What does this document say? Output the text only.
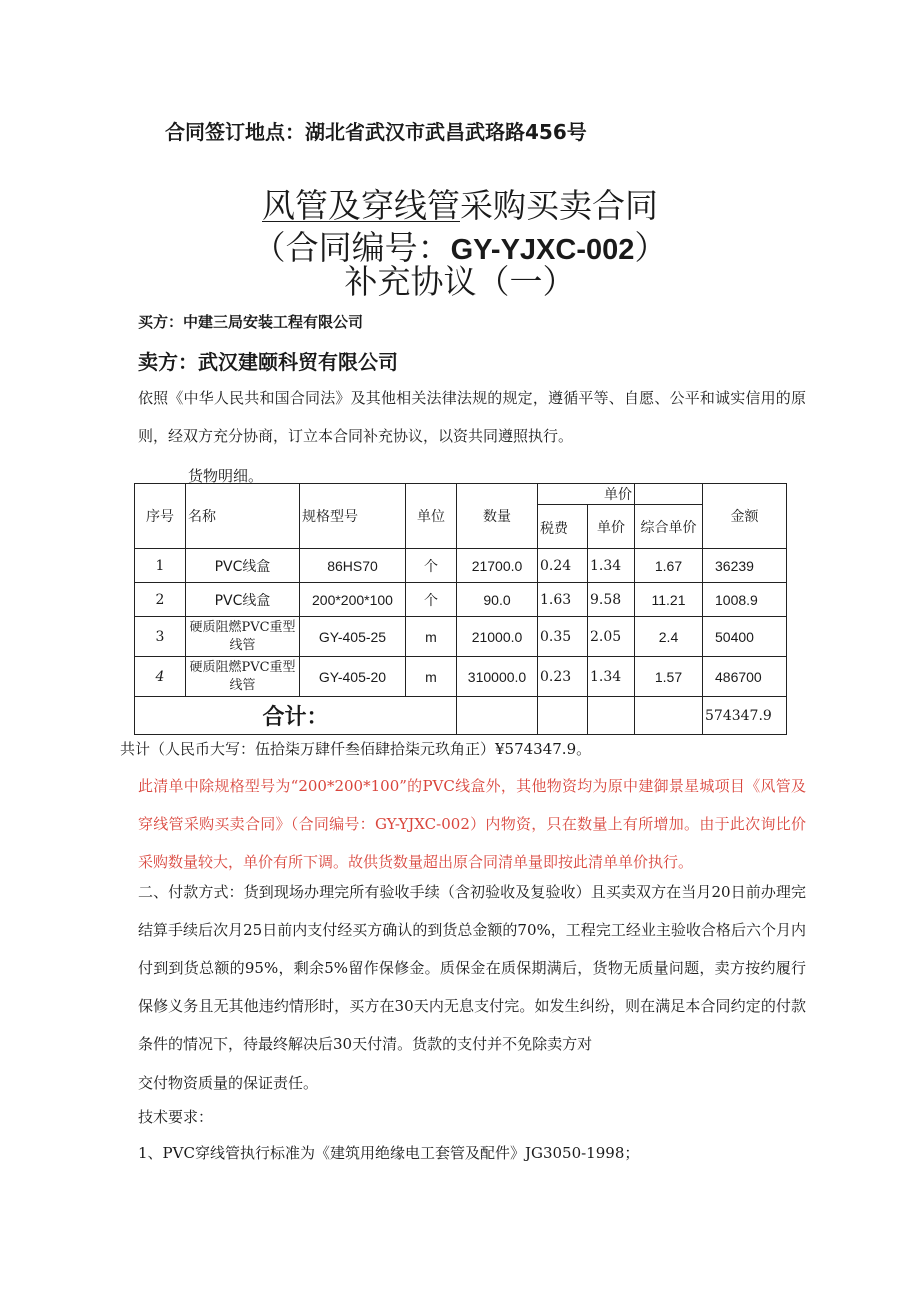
合同签订地点：湖北省武汉市武昌武珞路456号
风管及穿线管采购买卖合同
（合同编号：GY-YJXC-002）
补充协议（一）
买方：中建三局安装工程有限公司
卖方：武汉建颐科贸有限公司
依照《中华人民共和国合同法》及其他相关法律法规的规定，遵循平等、自愿、公平和诚实信用的原则，经双方充分协商，订立本合同补充协议，以资共同遵照执行。
货物明细。
序号	名称	规格型号	单位	数量	单价			金额
					税费	单价	综合单价	
1	PVC线盒	86HS70	个	21700.0	0.24	1.34	1.67	36239
2	PVC线盒	200*200*100	个	90.0	1.63	9.58	11.21	1008.9
3	硬质阻燃PVC重型线管	GY-405-25	m	21000.0	0.35	2.05	2.4	50400
4	硬质阻燃PVC重型线管	GY-405-20	m	310000.0	0.23	1.34	1.57	486700
合计：								574347.9
共计（人民币大写：伍拾柒万肆仟叁佰肆拾柒元玖角正）¥574347.9。
此清单中除规格型号为“200*200*100”的PVC线盒外，其他物资均为原中建御景星城项目《风管及穿线管采购买卖合同》（合同编号：GY-YJXC-002）内物资，只在数量上有所增加。由于此次询比价采购数量较大，单价有所下调。故供货数量超出原合同清单量即按此清单单价执行。
二、付款方式：货到现场办理完所有验收手续（含初验收及复验收）且买卖双方在当月20日前办理完结算手续后次月25日前内支付经买方确认的到货总金额的70%，工程完工经业主验收合格后六个月内付到到货总额的95%，剩余5%留作保修金。质保金在质保期满后，货物无质量问题，卖方按约履行保修义务且无其他违约情形时，买方在30天内无息支付完。如发生纠纷，则在满足本合同约定的付款条件的情况下，待最终解决后30天付清。货款的支付并不免除卖方对
交付物资质量的保证责任。
技术要求：
1、PVC穿线管执行标准为《建筑用绝缘电工套管及配件》JG3050-1998；
